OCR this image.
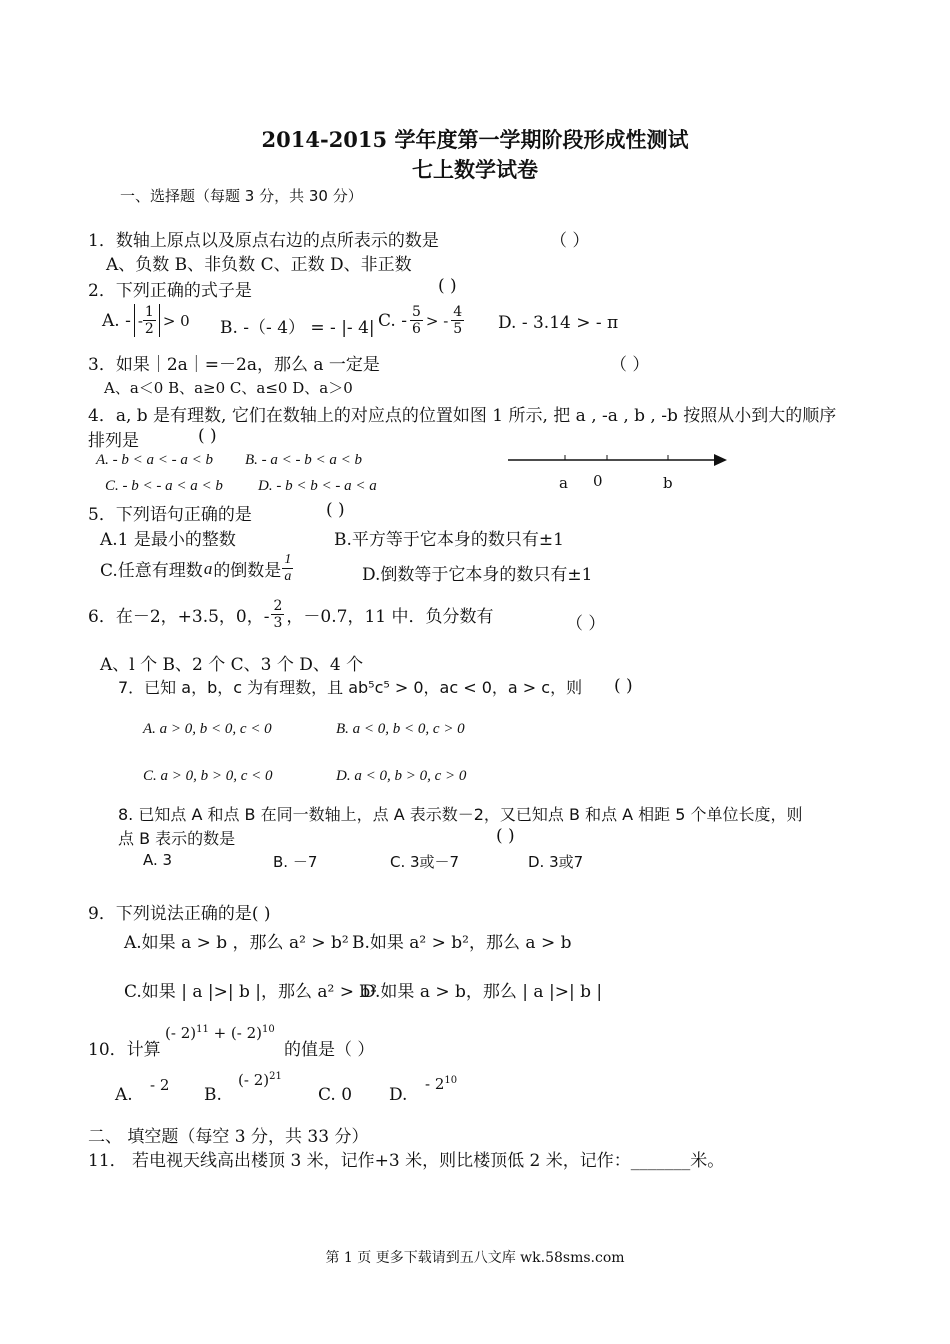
2014-2015 学年度第一学期阶段形成性测试
七上数学试卷
一、选择题（每题 3 分，共 30 分）
1．数轴上原点以及原点右边的点所表示的数是	（ ）
A、负数 B、非负数 C、正数 D、非正数
2．下列正确的式子是	( )
A. - - $\frac{1}{2} > 0$ B. -（- 4） = - |- 4| C. - $\frac{5}{6}$ > - $\frac{4}{5} D$. - 3.14 > - π
3．如果｜2a｜=－2a，那么 a 一定是	（ ）
A、a＜0 B、a≥0 C、a≤0 D、a＞0
4．a, b 是有理数, 它们在数轴上的对应点的位置如图 1 所示, 把 a , -a , b , -b 按照从小到大的顺序
排列是	( )
A. - b < a < - a < b B. - a < - b < a < b
C. - b < - a < a < b D. - b < b < - a < a	a 0	b
5．下列语句正确的是	( )
A.1 是最小的整数	B.平方等于它本身的数只有±1
C.任意有理数 a 的倒数是 $\frac{1}{a}$	D.倒数等于它本身的数只有±1
6．在－2，+3.5，0，- $\frac{2}{3}$ ，－0.7，11 中．负分数有	（ ）
A、l 个 B、2 个 C、3 个 D、4 个
7．已知 a，b，c 为有理数，且 ab⁵c⁵ > 0，ac < 0，a > c，则 ( )
A. a > 0, b < 0, c < 0	B. a < 0, b < 0, c > 0
C. a > 0, b > 0, c < 0	D. a < 0, b > 0, c > 0
8. 已知点 A 和点 B 在同一数轴上，点 A 表示数－2，又已知点 B 和点 A 相距 5 个单位长度，则
点 B 表示的数是	( )
A. 3	B. －7	C. 3或－7	D. 3或7
9．下列说法正确的是( )
A.如果 a > b ，那么 a² > b² B.如果 a² > b²，那么 a > b
C.如果 | a |>| b |，那么 a² > b²
D.如果 a > b，那么 | a |>| b |
10．计算
(- 2)$^{11}$ + (- 2)$^{10}$
的值是（ ）
A. - 2 B.
(- 2)$^{21}$
C. 0 D.
- $2^{10}$
二、 填空题（每空 3 分，共 33 分）
11． 若电视天线高出楼顶 3 米，记作+3 米，则比楼顶低 2 米，记作：_______米。
第 1 页 更多下载请到五八文库 wk.58sms.com
